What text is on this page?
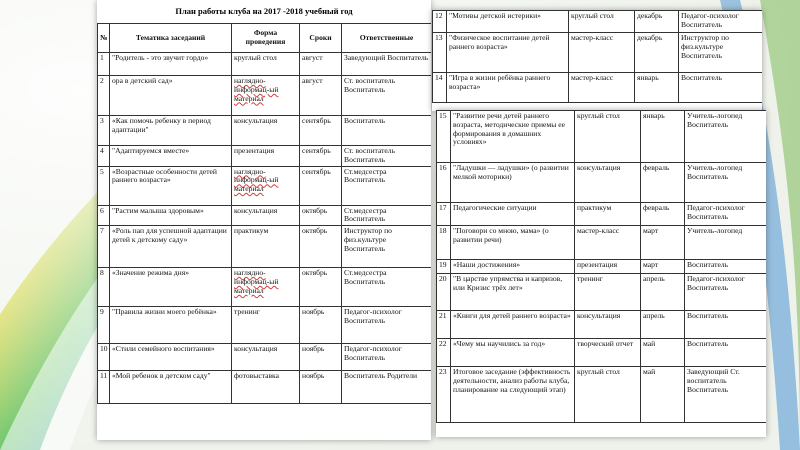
План работы клуба на 2017 -2018 учебный год
№	Тематика заседаний	Форма проведения	Сроки	Ответственные
1	"Родитель - это звучит гордо»	круглый стол	август	Заведующий Воспитатель
2	ора в детский сад»	наглядно-информац-ый материал	август	Ст. воспитатель Воспитатель
3	«Как помочь ребенку в период адаптации"	консультация	сентябрь	Воспитатель
4	"Адаптируемся вместе»	презентация	сентябрь	Ст. воспитатель Воспитатель
5	«Возрастные особенности детей раннего возраста»	наглядно-информац-ый материал	сентябрь	Ст.медсестра Воспитатель
6	"Растим малыша здоровым»	консультация	октябрь	Ст.медсестра Воспитатель
7	«Роль пап для успешной адаптации детей к детскому саду»	практикум	октябрь	Инструктор по физ.культуре Воспитатель
8	«Значение режима дня»	наглядно-информац-ый материал	октябрь	Ст.медсестра Воспитатель
9	"Правила жизни моего ребёнка»	тренинг	ноябрь	Педагог-психолог Воспитатель
10	«Стили семейного воспитания»	консультация	ноябрь	Педагог-психолог Воспитатель
11	«Мой ребенок в детском саду"	фотовыставка	ноябрь	Воспитатель Родители
12	"Мотивы детской истерики»	круглый стол	декабрь	Педагог-психолог Воспитатель
13	"Физическое воспитание детей раннего возраста»	мастер-класс	декабрь	Инструктор по физ.культуре Воспитатель
14	"Игра в жизни ребёнка раннего возраста»	мастер-класс	январь	Воспитатель
15	"Развитие речи детей раннего возраста, методические приемы ее формирования в домашних условиях»	круглый стол	январь	Учитель-логопед Воспитатель
16	"Ладушки — ладушки» (о развитии мелкой моторики)	консультация	февраль	Учитель-логопед Воспитатель
17	Педагогические ситуации	практикум	февраль	Педагог-психолог Воспитатель
18	"Поговори со мною, мама» (о развитии речи)	мастер-класс	март	Учитель-логопед
19	«Наши достижения»	презентация	март	Воспитатель
20	"В царстве упрямства и капризов, или Кризис трёх лет»	тренинг	апрель	Педагог-психолог Воспитатель
21	«Книги для детей раннего возраста»	консультация	апрель	Воспитатель
22	«Чему мы научились за год»	творческий отчет	май	Воспитатель
23	Итоговое заседание (эффективность деятельности, анализ работы клуба, планирование на следующий этап)	круглый стол	май	Заведующий Ст. воспитатель Воспитатель
